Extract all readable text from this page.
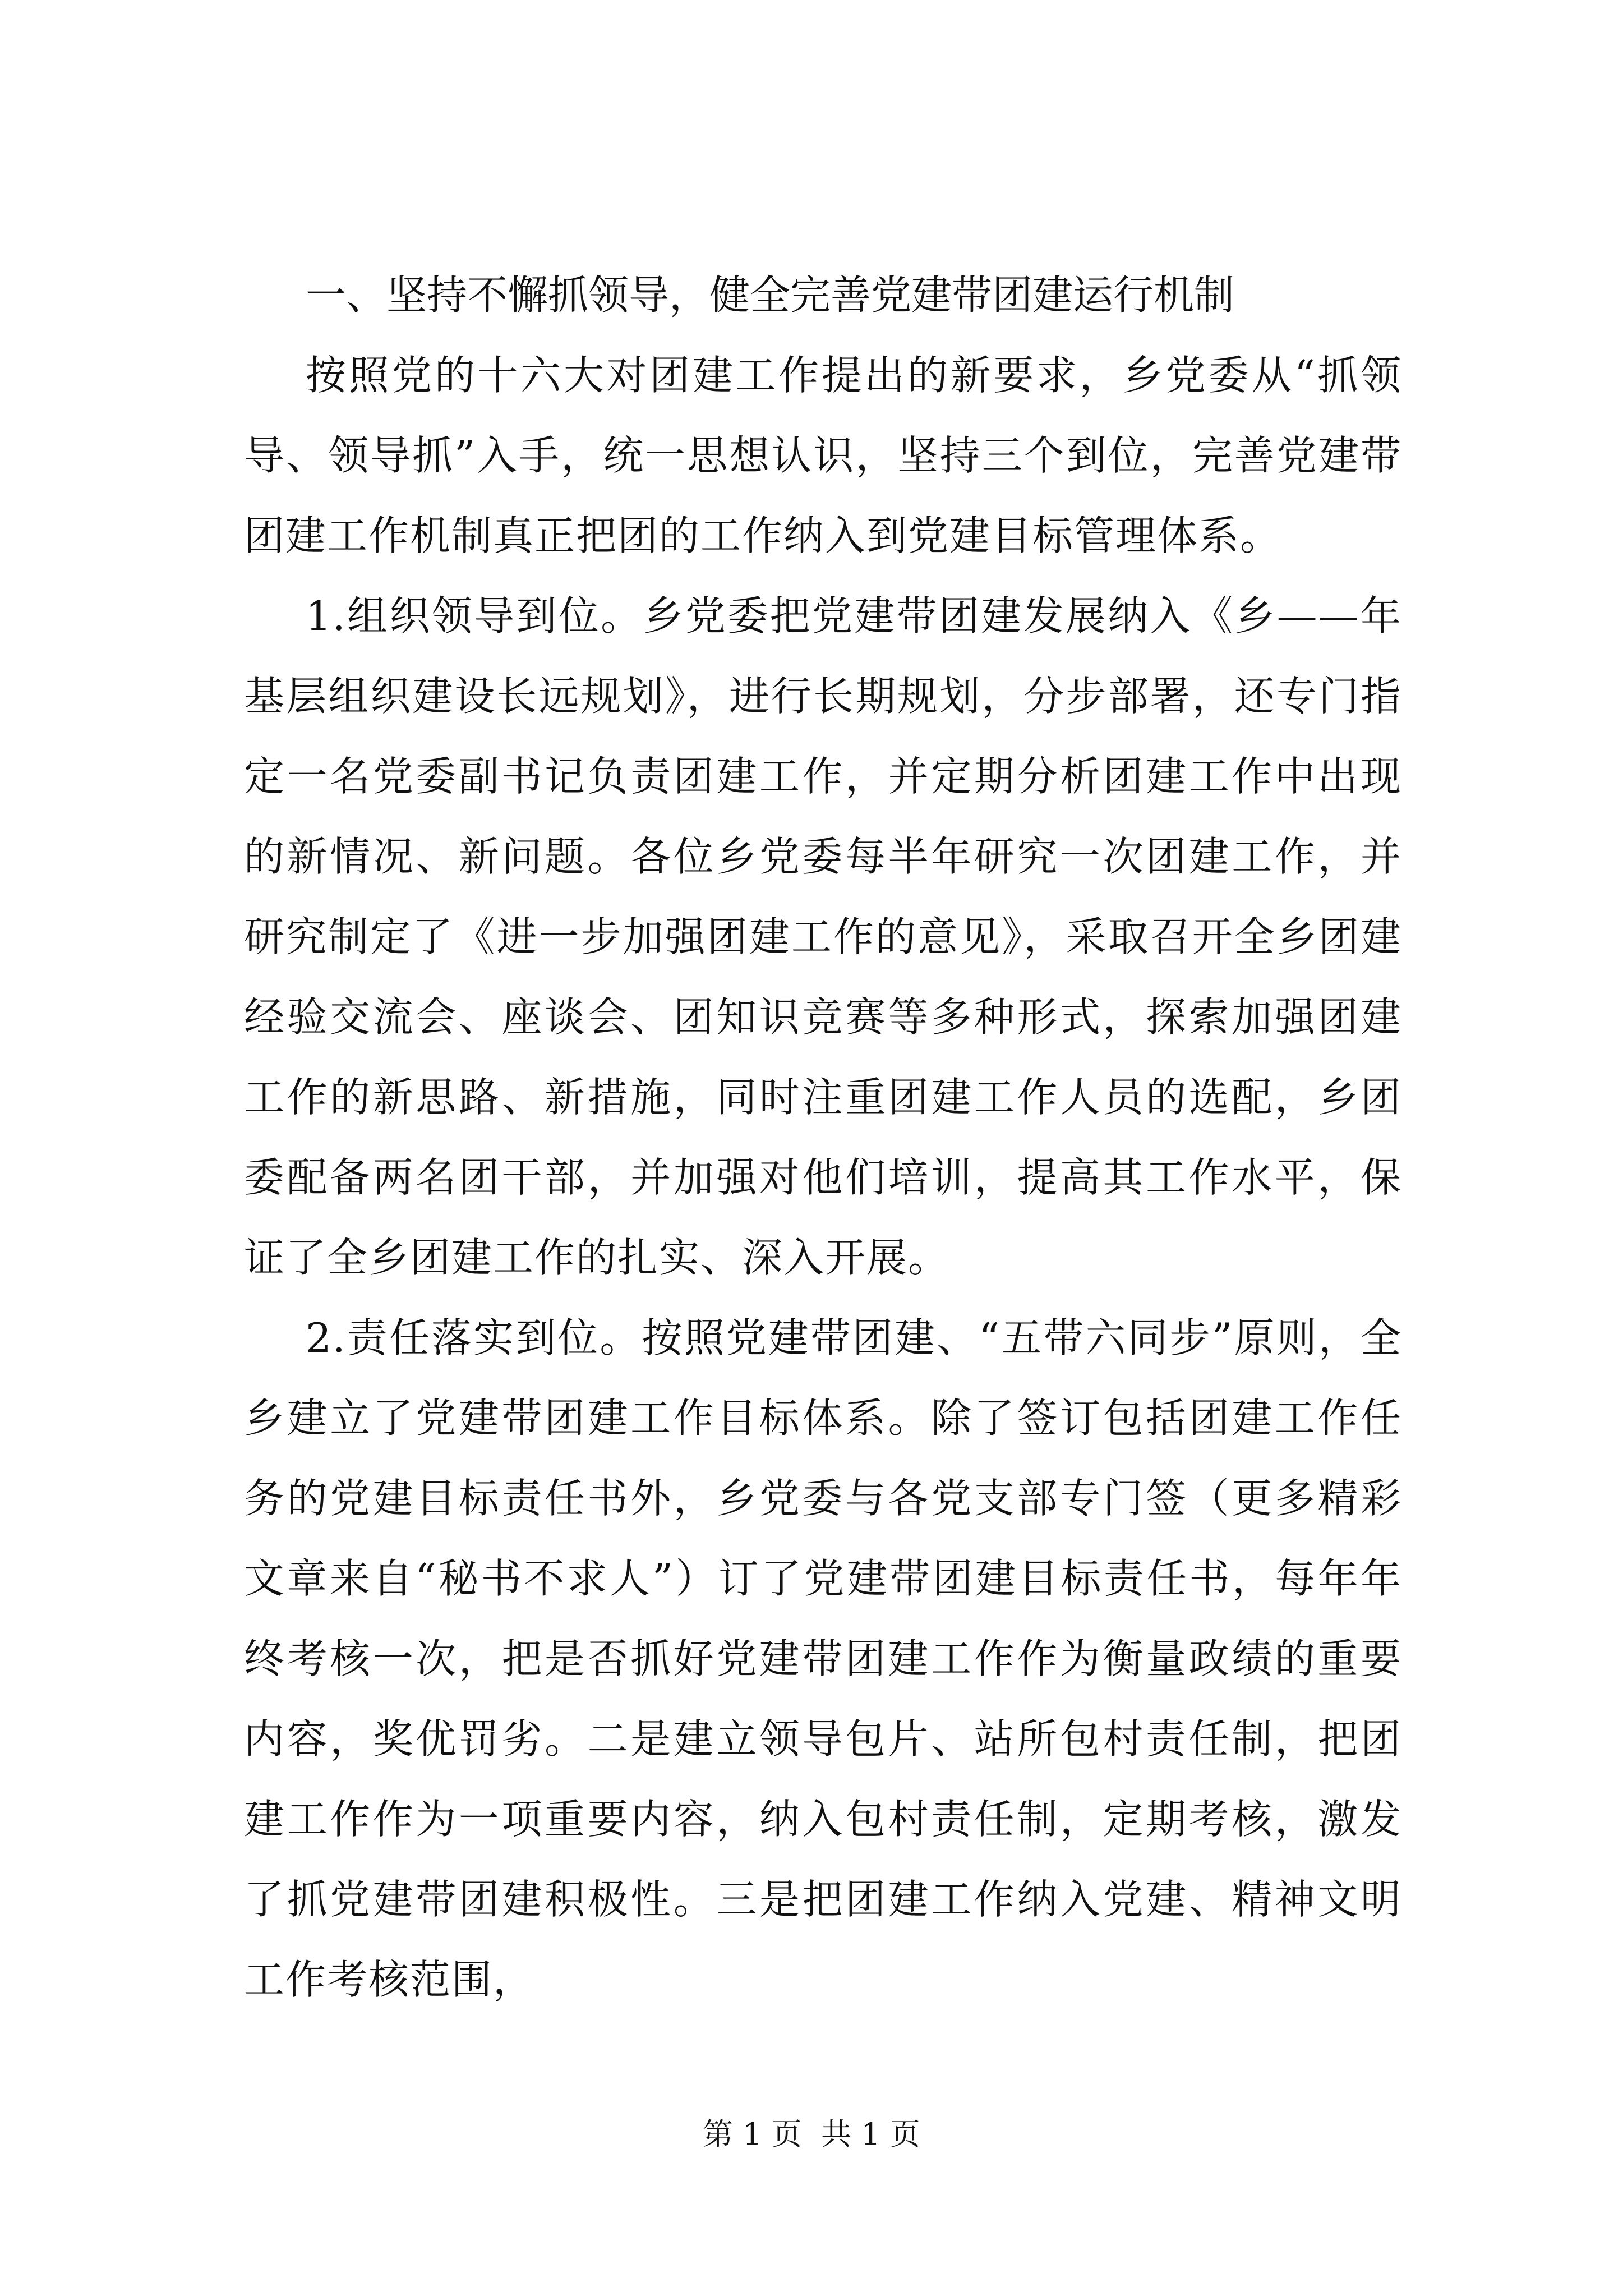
一、坚持不懈抓领导，健全完善党建带团建运行机制

按照党的十六大对团建工作提出的新要求，乡党委从“抓领导、领导抓”入手，统一思想认识，坚持三个到位，完善党建带团建工作机制真正把团的工作纳入到党建目标管理体系。

1.组织领导到位。乡党委把党建带团建发展纳入《乡——年基层组织建设长远规划》，进行长期规划，分步部署，还专门指定一名党委副书记负责团建工作，并定期分析团建工作中出现的新情况、新问题。各位乡党委每半年研究一次团建工作，并研究制定了《进一步加强团建工作的意见》，采取召开全乡团建经验交流会、座谈会、团知识竞赛等多种形式，探索加强团建工作的新思路、新措施，同时注重团建工作人员的选配，乡团委配备两名团干部，并加强对他们培训，提高其工作水平，保证了全乡团建工作的扎实、深入开展。

2.责任落实到位。按照党建带团建、“五带六同步”原则，全乡建立了党建带团建工作目标体系。除了签订包括团建工作任务的党建目标责任书外，乡党委与各党支部专门签（更多精彩文章来自“秘书不求人”）订了党建带团建目标责任书，每年年终考核一次，把是否抓好党建带团建工作作为衡量政绩的重要内容，奖优罚劣。二是建立领导包片、站所包村责任制，把团建工作作为一项重要内容，纳入包村责任制，定期考核，激发了抓党建带团建积极性。三是把团建工作纳入党建、精神文明工作考核范围，

第 1 页  共 1 页
